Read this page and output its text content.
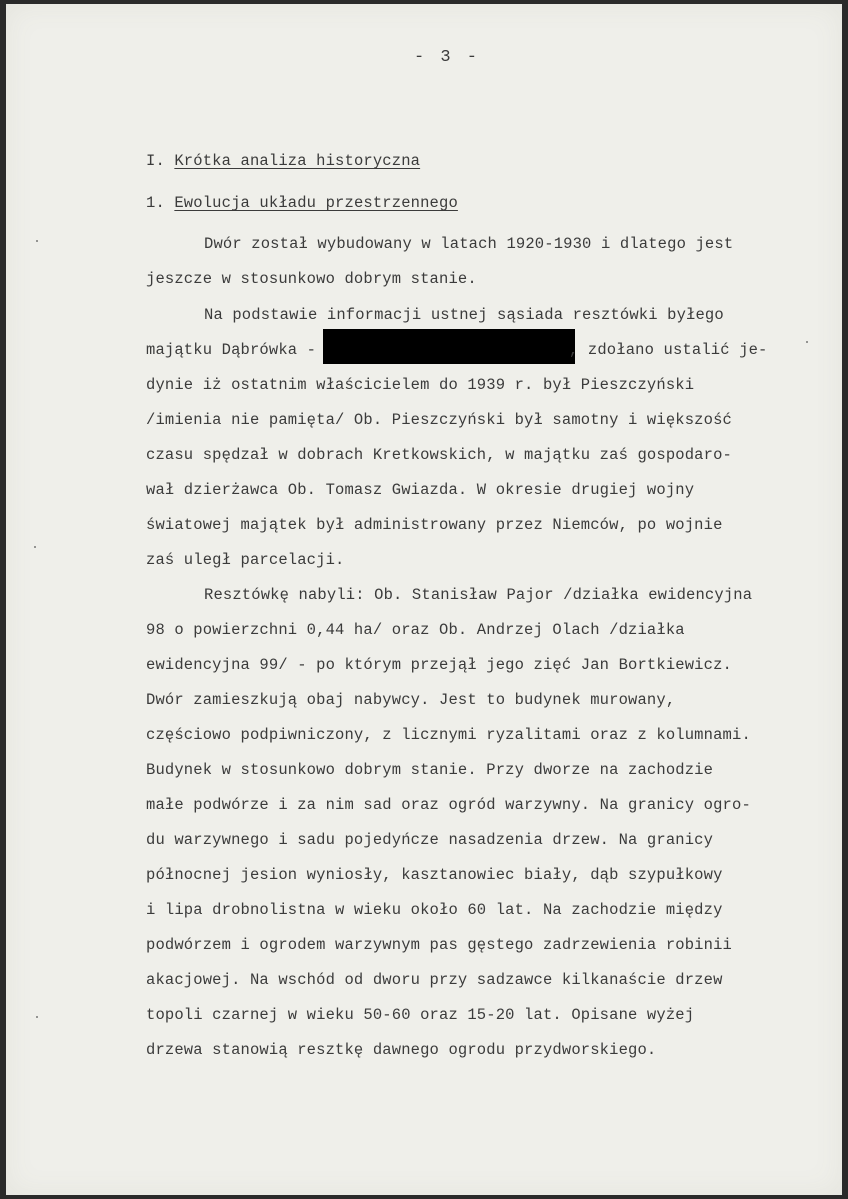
- 3 -
I. Krótka analiza historyczna
1. Ewolucja układu przestrzennego
Dwór został wybudowany w latach 1920-1930 i dlatego jest
jeszcze w stosunkowo dobrym stanie.
Na podstawie informacji ustnej sąsiada resztówki byłego
majątku Dąbrówka -	, zdołano ustalić je-
dynie iż ostatnim właścicielem do 1939 r. był Pieszczyński
/imienia nie pamięta/ Ob. Pieszczyński był samotny i większość
czasu spędzał w dobrach Kretkowskich, w majątku zaś gospodaro-
wał dzierżawca Ob. Tomasz Gwiazda. W okresie drugiej wojny
światowej majątek był administrowany przez Niemców, po wojnie
zaś uległ parcelacji.
Resztówkę nabyli: Ob. Stanisław Pajor /działka ewidencyjna
98 o powierzchni 0,44 ha/ oraz Ob. Andrzej Olach /działka
ewidencyjna 99/ - po którym przejął jego zięć Jan Bortkiewicz.
Dwór zamieszkują obaj nabywcy. Jest to budynek murowany,
częściowo podpiwniczony, z licznymi ryzalitami oraz z kolumnami.
Budynek w stosunkowo dobrym stanie. Przy dworze na zachodzie
małe podwórze i za nim sad oraz ogród warzywny. Na granicy ogro-
du warzywnego i sadu pojedyńcze nasadzenia drzew. Na granicy
północnej jesion wyniosły, kasztanowiec biały, dąb szypułkowy
i lipa drobnolistna w wieku około 60 lat. Na zachodzie między
podwórzem i ogrodem warzywnym pas gęstego zadrzewienia robinii
akacjowej. Na wschód od dworu przy sadzawce kilkanaście drzew
topoli czarnej w wieku 50-60 oraz 15-20 lat. Opisane wyżej
drzewa stanowią resztkę dawnego ogrodu przydworskiego.
